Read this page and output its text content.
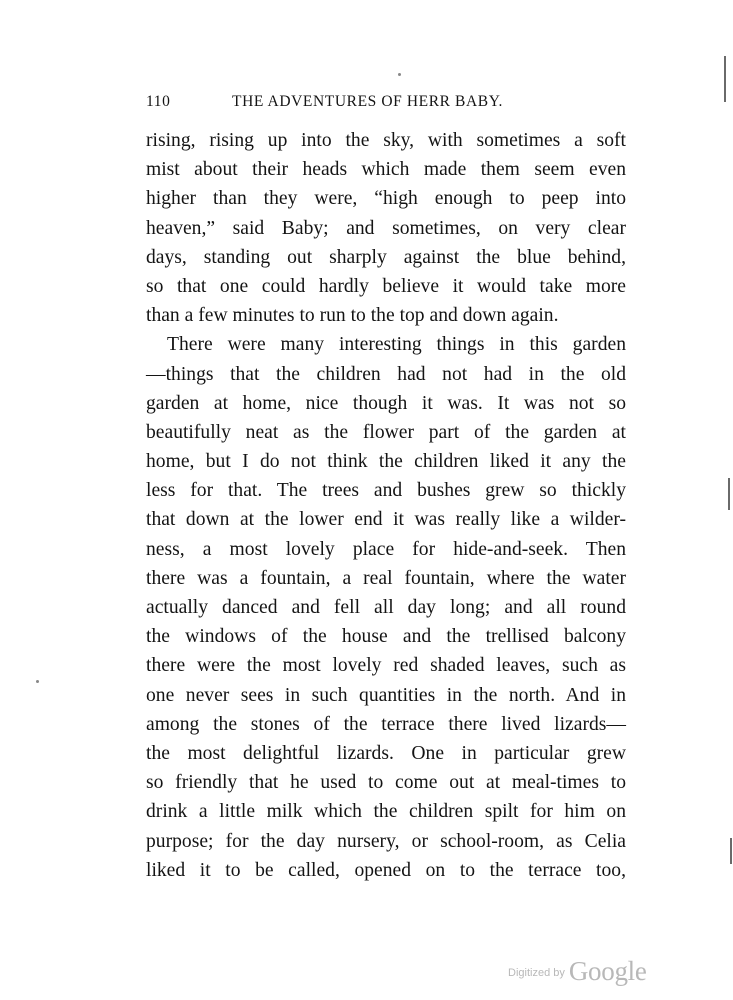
110	THE ADVENTURES OF HERR BABY.
rising, rising up into the sky, with sometimes a soft
mist about their heads which made them seem even
higher than they were, “high enough to peep into
heaven,” said Baby; and sometimes, on very clear
days, standing out sharply against the blue behind,
so that one could hardly believe it would take more
than a few minutes to run to the top and down again.
There were many interesting things in this garden
—things that the children had not had in the old
garden at home, nice though it was. It was not so
beautifully neat as the flower part of the garden at
home, but I do not think the children liked it any the
less for that. The trees and bushes grew so thickly
that down at the lower end it was really like a wilder-
ness, a most lovely place for hide-and-seek. Then
there was a fountain, a real fountain, where the water
actually danced and fell all day long; and all round
the windows of the house and the trellised balcony
there were the most lovely red shaded leaves, such as
one never sees in such quantities in the north. And in
among the stones of the terrace there lived lizards—
the most delightful lizards. One in particular grew
so friendly that he used to come out at meal-times to
drink a little milk which the children spilt for him on
purpose; for the day nursery, or school-room, as Celia
liked it to be called, opened on to the terrace too,
$^{Digitized by}$ Google
